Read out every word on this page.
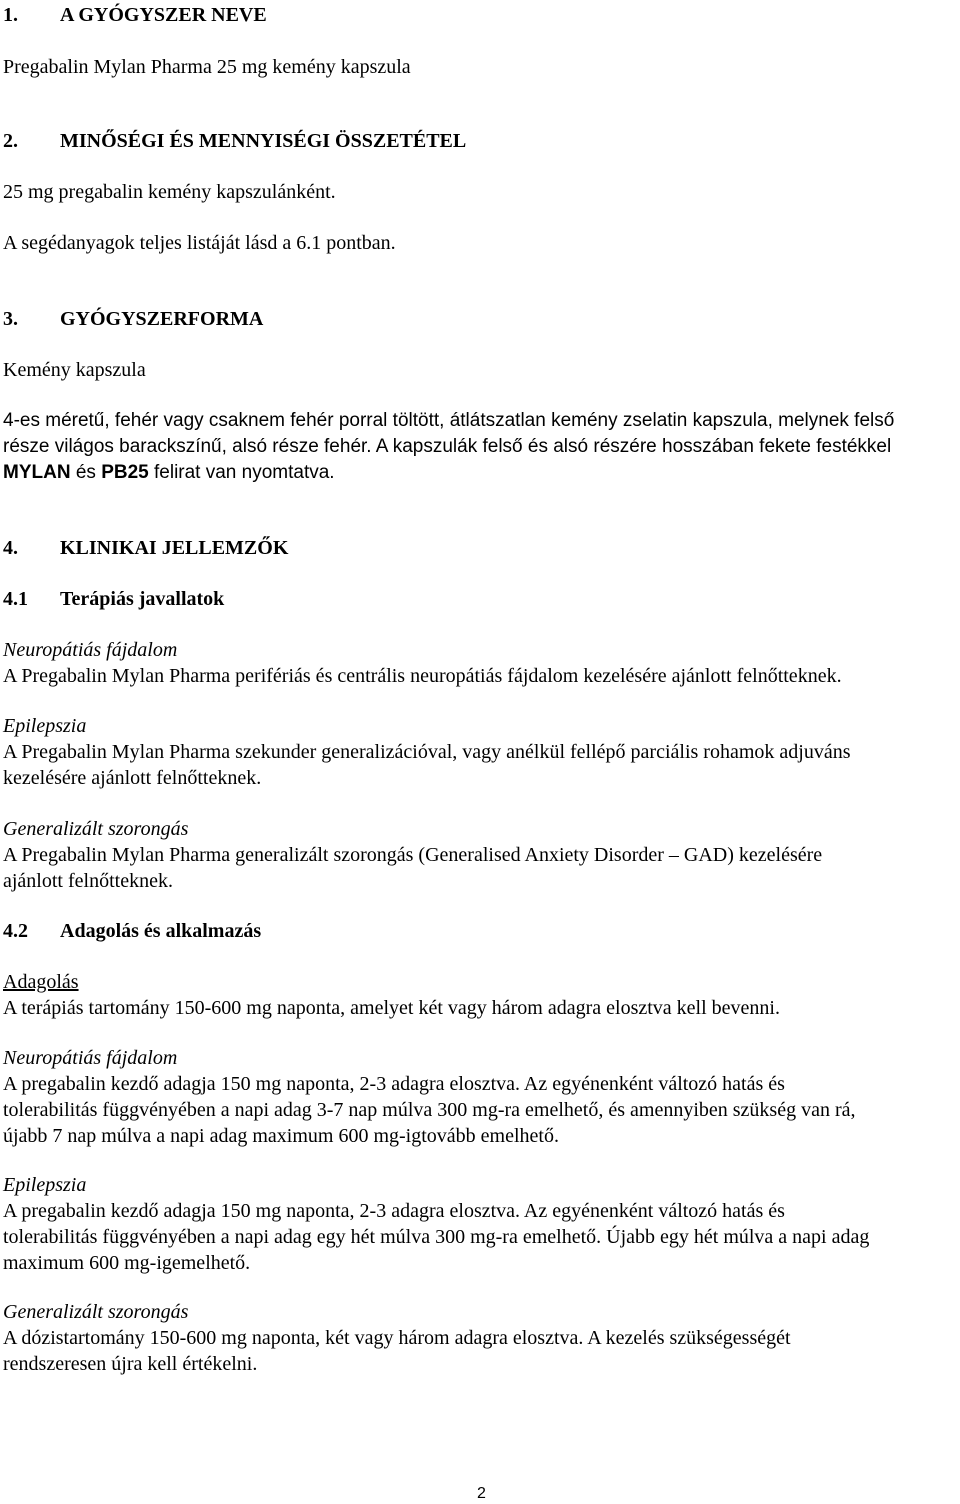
1. A GYÓGYSZER NEVE
Pregabalin Mylan Pharma 25 mg kemény kapszula
2. MINŐSÉGI ÉS MENNYISÉGI ÖSSZETÉTEL
25 mg pregabalin kemény kapszulánként.
A segédanyagok teljes listáját lásd a 6.1 pontban.
3. GYÓGYSZERFORMA
Kemény kapszula
4-es méretű, fehér vagy csaknem fehér porral töltött, átlátszatlan kemény zselatin kapszula, melynek felső
része világos barackszínű, alsó része fehér. A kapszulák felső és alsó részére hosszában fekete festékkel
MYLAN és PB25 felirat van nyomtatva.
4. KLINIKAI JELLEMZŐK
4.1 Terápiás javallatok
Neuropátiás fájdalom
A Pregabalin Mylan Pharma perifériás és centrális neuropátiás fájdalom kezelésére ajánlott felnőtteknek.
Epilepszia
A Pregabalin Mylan Pharma szekunder generalizációval, vagy anélkül fellépő parciális rohamok adjuváns
kezelésére ajánlott felnőtteknek.
Generalizált szorongás
A Pregabalin Mylan Pharma generalizált szorongás (Generalised Anxiety Disorder – GAD) kezelésére
ajánlott felnőtteknek.
4.2 Adagolás és alkalmazás
Adagolás
A terápiás tartomány 150-600 mg naponta, amelyet két vagy három adagra elosztva kell bevenni.
Neuropátiás fájdalom
A pregabalin kezdő adagja 150 mg naponta, 2-3 adagra elosztva. Az egyénenként változó hatás és
tolerabilitás függvényében a napi adag 3-7 nap múlva 300 mg-ra emelhető, és amennyiben szükség van rá,
újabb 7 nap múlva a napi adag maximum 600 mg-igtovább emelhető.
Epilepszia
A pregabalin kezdő adagja 150 mg naponta, 2-3 adagra elosztva. Az egyénenként változó hatás és
tolerabilitás függvényében a napi adag egy hét múlva 300 mg-ra emelhető. Újabb egy hét múlva a napi adag
maximum 600 mg-igemelhető.
Generalizált szorongás
A dózistartomány 150-600 mg naponta, két vagy három adagra elosztva. A kezelés szükségességét
rendszeresen újra kell értékelni.
2
